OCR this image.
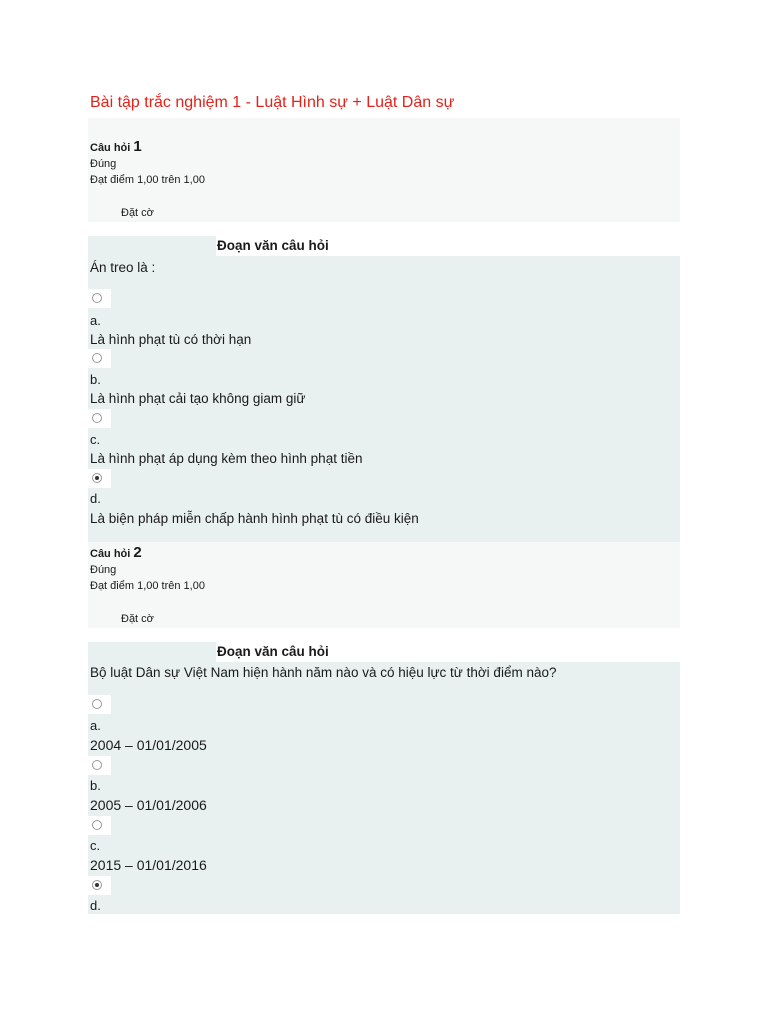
Bài tập trắc nghiệm 1 - Luật Hình sự + Luật Dân sự
Câu hỏi 1
Đúng
Đạt điểm 1,00 trên 1,00
Đặt cờ
Đoạn văn câu hỏi
Án treo là :
a.
Là hình phạt tù có thời hạn
b.
Là hình phạt cải tạo không giam giữ
c.
Là hình phạt áp dụng kèm theo hình phạt tiền
d.
Là biện pháp miễn chấp hành hình phạt tù có điều kiện
Câu hỏi 2
Đúng
Đạt điểm 1,00 trên 1,00
Đặt cờ
Đoạn văn câu hỏi
Bộ luật Dân sự Việt Nam hiện hành năm nào và có hiệu lực từ thời điểm nào?
a.
2004 – 01/01/2005
b.
2005 – 01/01/2006
c.
2015 – 01/01/2016
d.
